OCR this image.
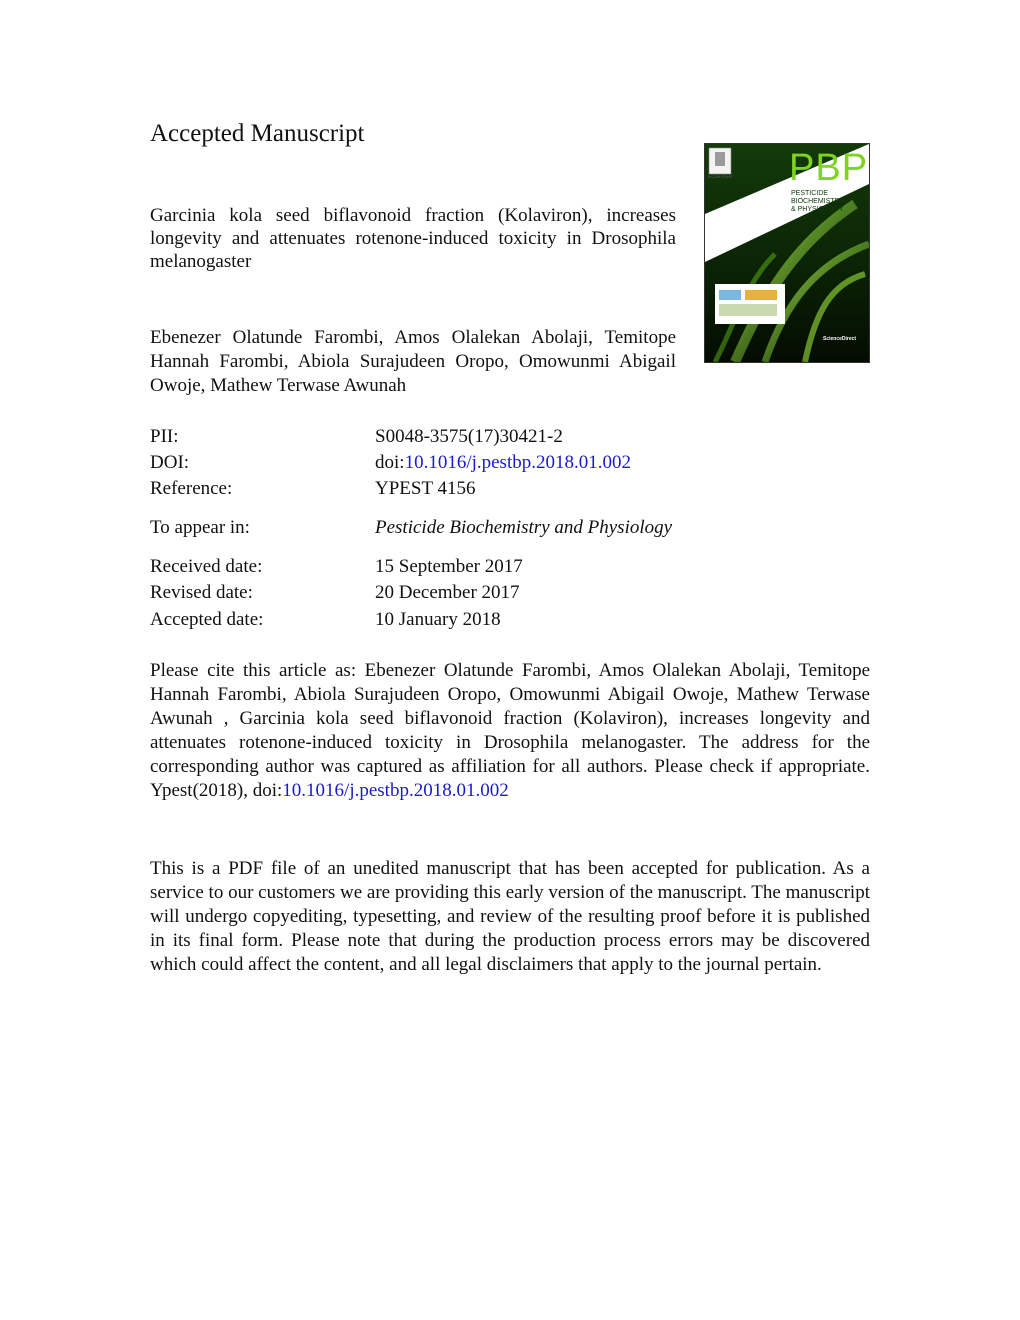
Accepted Manuscript

Garcinia kola seed biflavonoid fraction (Kolaviron), increases longevity and attenuates rotenone-induced toxicity in Drosophila melanogaster

Ebenezer Olatunde Farombi, Amos Olalekan Abolaji, Temitope Hannah Farombi, Abiola Surajudeen Oropo, Omowunmi Abigail Owoje, Mathew Terwase Awunah

ELSEVIER PBP
PESTICIDE
BIOCHEMISTRY
& PHYSIOLOGY
ScienceDirect
PII:	S0048-3575(17)30421-2
DOI:	doi:10.1016/j.pestbp.2018.01.002
Reference:	YPEST 4156
To appear in:	Pesticide Biochemistry and Physiology
Received date:	15 September 2017
Revised date:	20 December 2017
Accepted date:	10 January 2018

Please cite this article as: Ebenezer Olatunde Farombi, Amos Olalekan Abolaji, Temitope Hannah Farombi, Abiola Surajudeen Oropo, Omowunmi Abigail Owoje, Mathew Terwase Awunah , Garcinia kola seed biflavonoid fraction (Kolaviron), increases longevity and attenuates rotenone-induced toxicity in Drosophila melanogaster. The address for the corresponding author was captured as affiliation for all authors. Please check if appropriate. Ypest(2018), doi:10.1016/j.pestbp.2018.01.002

This is a PDF file of an unedited manuscript that has been accepted for publication. As a service to our customers we are providing this early version of the manuscript. The manuscript will undergo copyediting, typesetting, and review of the resulting proof before it is published in its final form. Please note that during the production process errors may be discovered which could affect the content, and all legal disclaimers that apply to the journal pertain.
